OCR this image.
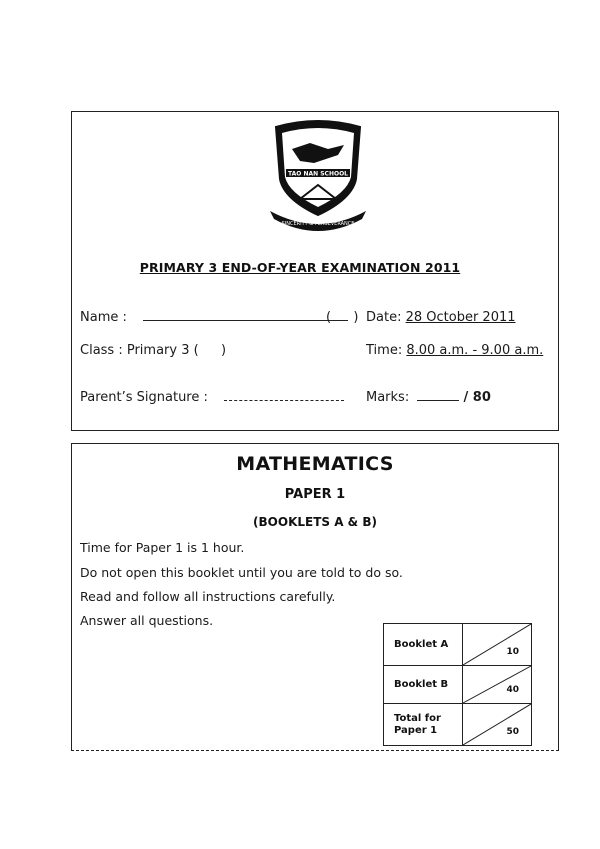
TAO NAN SCHOOL
SINCERITY & PERSEVERANCE
PRIMARY 3 END-OF-YEAR EXAMINATION 2011
Name :	( ) Date: 28 October 2011
Class : Primary 3 ( )	Time: 8.00 a.m. - 9.00 a.m.
Parent’s Signature :	Marks:	/ 80
MATHEMATICS
PAPER 1
(BOOKLETS A & B)
Time for Paper 1 is 1 hour.
Do not open this booklet until you are told to do so.
Read and follow all instructions carefully.
Answer all questions.
Booklet A	10

Booklet B	40

Total for Paper 1	50
